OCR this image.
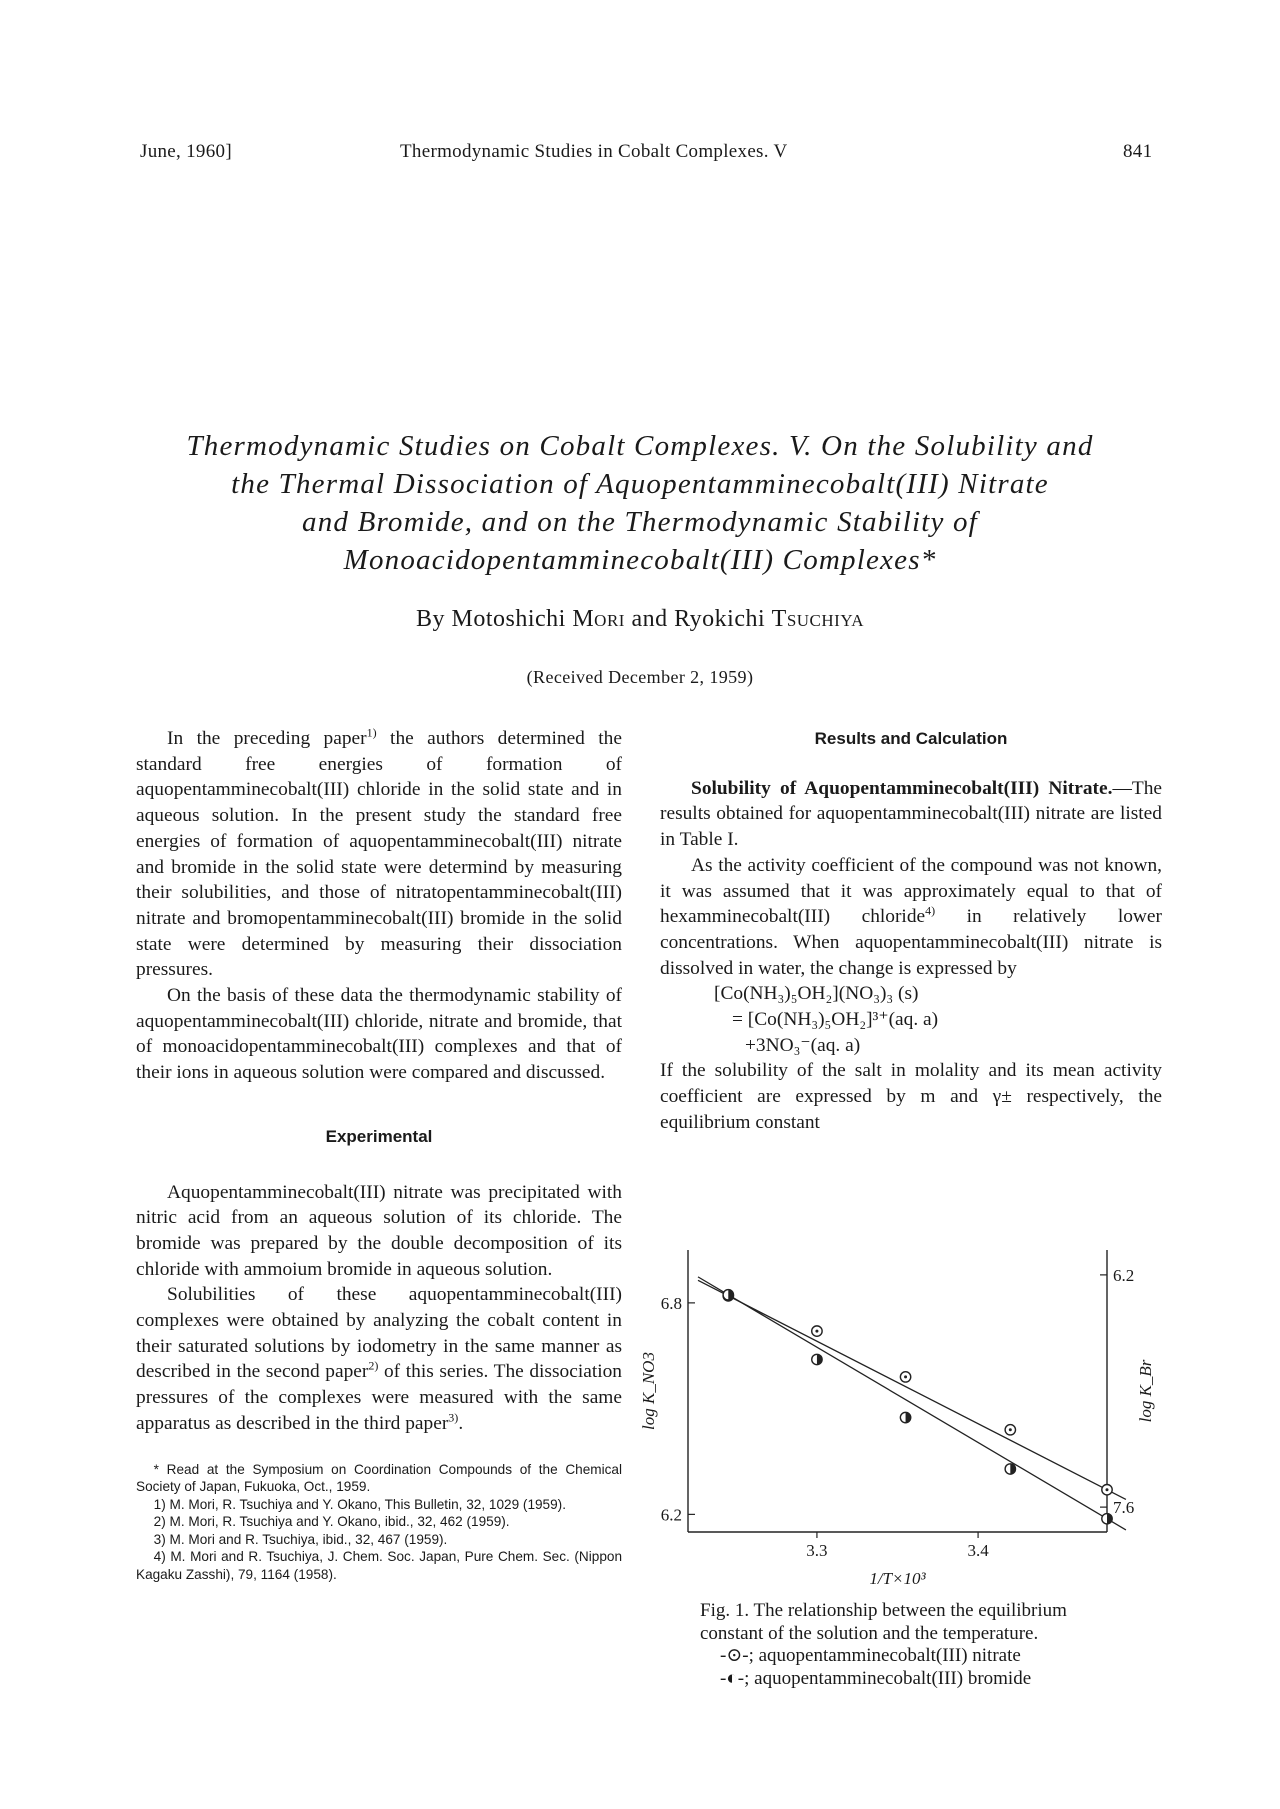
June, 1960]	Thermodynamic Studies in Cobalt Complexes. V	841
Thermodynamic Studies on Cobalt Complexes. V. On the Solubility and
the Thermal Dissociation of Aquopentamminecobalt(III) Nitrate
and Bromide, and on the Thermodynamic Stability of
Monoacidopentamminecobalt(III) Complexes*
By Motoshichi Mori and Ryokichi Tsuchiya
(Received December 2, 1959)

In the preceding paper$^{1)}$ the authors determined the standard free energies of formation of aquopentamminecobalt(III) chloride in the solid state and in aqueous solution. In the present study the standard free energies of formation of aquopentamminecobalt(III) nitrate and bromide in the solid state were determind by measuring their solubilities, and those of nitratopentamminecobalt(III) nitrate and bromopentamminecobalt(III) bromide in the solid state were determined by measuring their dissociation pressures.

On the basis of these data the thermodynamic stability of aquopentamminecobalt(III) chloride, nitrate and bromide, that of monoacidopentamminecobalt(III) complexes and that of their ions in aqueous solution were compared and discussed.

Experimental

Aquopentamminecobalt(III) nitrate was precipitated with nitric acid from an aqueous solution of its chloride. The bromide was prepared by the double decomposition of its chloride with ammoium bromide in aqueous solution.

Solubilities of these aquopentamminecobalt(III) complexes were obtained by analyzing the cobalt content in their saturated solutions by iodometry in the same manner as described in the second paper$^{2)}$ of this series. The dissociation pressures of the complexes were measured with the same apparatus as described in the third paper$^{3)}$.

* Read at the Symposium on Coordination Compounds of the Chemical Society of Japan, Fukuoka, Oct., 1959.

1) M. Mori, R. Tsuchiya and Y. Okano, This Bulletin, 32, 1029 (1959).

2) M. Mori, R. Tsuchiya and Y. Okano, ibid., 32, 462 (1959).

3) M. Mori and R. Tsuchiya, ibid., 32, 467 (1959).

4) M. Mori and R. Tsuchiya, J. Chem. Soc. Japan, Pure Chem. Sec. (Nippon Kagaku Zasshi), 79, 1164 (1958).

Results and Calculation

Solubility of Aquopentamminecobalt(III) Nitrate.—The results obtained for aquopentamminecobalt(III) nitrate are listed in Table I.

As the activity coefficient of the compound was not known, it was assumed that it was approximately equal to that of hexamminecobalt(III) chloride$^{4)}$ in relatively lower concentrations. When aquopentamminecobalt(III) nitrate is dissolved in water, the change is expressed by

[Co(NH₃)₅OH₂](NO₃)₃ (s)

= [Co(NH₃)₅OH₂]³⁺(aq. a)

+3NO₃⁻(aq. a)

If the solubility of the salt in molality and its mean activity coefficient are expressed by m and γ± respectively, the equilibrium constant

3.3	3.4
1/T×10³
6.8
6.2
6.2
7.6
log K_NO3	log K_Br

Fig. 1. The relationship between the equilibrium constant of the solution and the temperature.

-⊙-; aquopentamminecobalt(III) nitrate

-◐-; aquopentamminecobalt(III) bromide
